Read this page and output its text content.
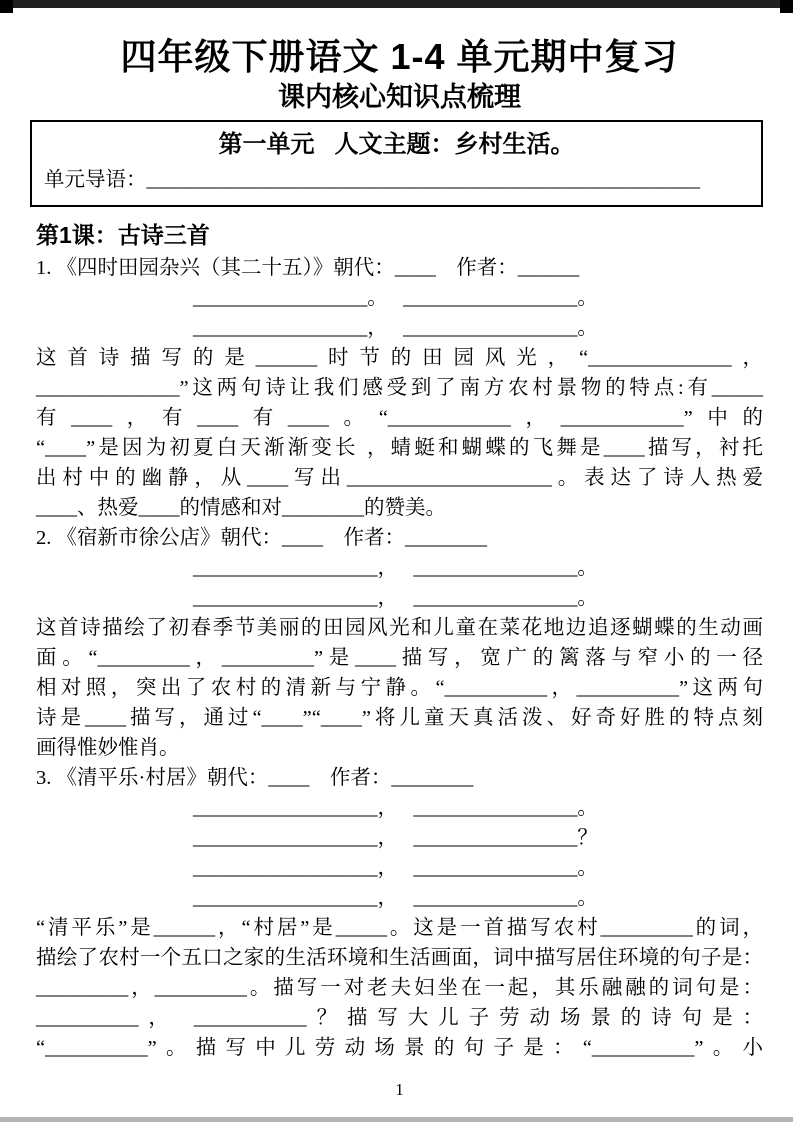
四年级下册语文 1-4 单元期中复习
课内核心知识点梳理
第一单元   人文主题：乡村生活。
单元导语：______________________________________________________
第1课：古诗三首
1. 《四时田园杂兴（其二十五）》朝代：____    作者：______
_________________。   _________________。
_________________，   _________________。
这首诗描写的是______时节的田园风光，“______________，
______________”这两句诗让我们感受到了南方农村景物的特点:有_____
有____，有____有____。“____________，____________”中的
“____”是因为初夏白天渐渐变长 ，蜻蜓和蝴蝶的飞舞是____描写，衬托
出村中的幽静，从____写出____________________。表达了诗人热爱
____、热爱____的情感和对________的赞美。
2. 《宿新市徐公店》朝代：____    作者：________
__________________，   ________________。
__________________，   ________________。
这首诗描绘了初春季节美丽的田园风光和儿童在菜花地边追逐蝴蝶的生动画
面。“_________，_________”是____描写，宽广的篱落与窄小的一径
相对照，突出了农村的清新与宁静。“__________，__________”这两句
诗是____描写，通过“____”“____”将儿童天真活泼、好奇好胜的特点刻
画得惟妙惟肖。
3. 《清平乐·村居》朝代：____    作者：________
__________________，   ________________。
__________________，   ________________？
__________________，   ________________。
__________________，   ________________。
“清平乐”是______，“村居”是_____。这是一首描写农村_________的词，
描绘了农村一个五口之家的生活环境和生活画面，词中描写居住环境的句子是：
_________，_________。描写一对老夫妇坐在一起，其乐融融的词句是：
__________， ___________？描写大儿子劳动场景的诗句是：
“__________”。描写中儿劳动场景的句子是：“__________”。小
1
